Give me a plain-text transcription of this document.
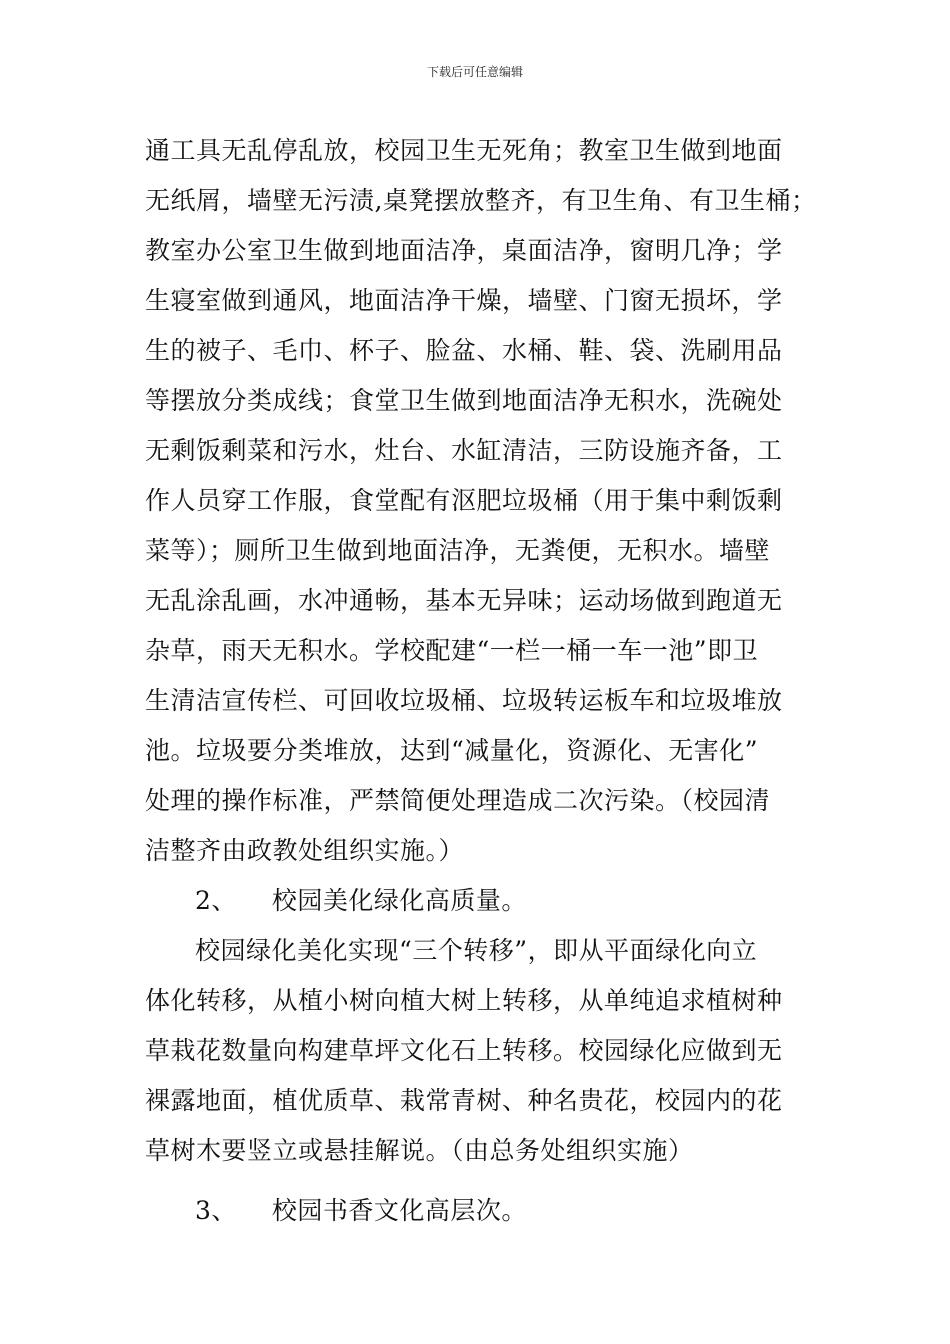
下载后可任意编辑
通工具无乱停乱放，校园卫生无死角；教室卫生做到地面
无纸屑，墙壁无污渍,桌凳摆放整齐，有卫生角、有卫生桶；
教室办公室卫生做到地面洁净，桌面洁净，窗明几净；学
生寝室做到通风，地面洁净干燥，墙壁、门窗无损坏，学
生的被子、毛巾、杯子、脸盆、水桶、鞋、袋、洗刷用品
等摆放分类成线；食堂卫生做到地面洁净无积水，洗碗处
无剩饭剩菜和污水，灶台、水缸清洁，三防设施齐备，工
作人员穿工作服，食堂配有沤肥垃圾桶（用于集中剩饭剩
菜等）；厕所卫生做到地面洁净，无粪便，无积水。墙壁
无乱涂乱画，水冲通畅，基本无异味；运动场做到跑道无
杂草，雨天无积水。学校配建“一栏一桶一车一池”即卫
生清洁宣传栏、可回收垃圾桶、垃圾转运板车和垃圾堆放
池。垃圾要分类堆放，达到“减量化，资源化、无害化”
处理的操作标准，严禁简便处理造成二次污染。（校园清
洁整齐由政教处组织实施。）
2、 校园美化绿化高质量。
校园绿化美化实现“三个转移”，即从平面绿化向立
体化转移，从植小树向植大树上转移，从单纯追求植树种
草栽花数量向构建草坪文化石上转移。校园绿化应做到无
裸露地面，植优质草、栽常青树、种名贵花，校园内的花
草树木要竖立或悬挂解说。（由总务处组织实施）
3、 校园书香文化高层次。
